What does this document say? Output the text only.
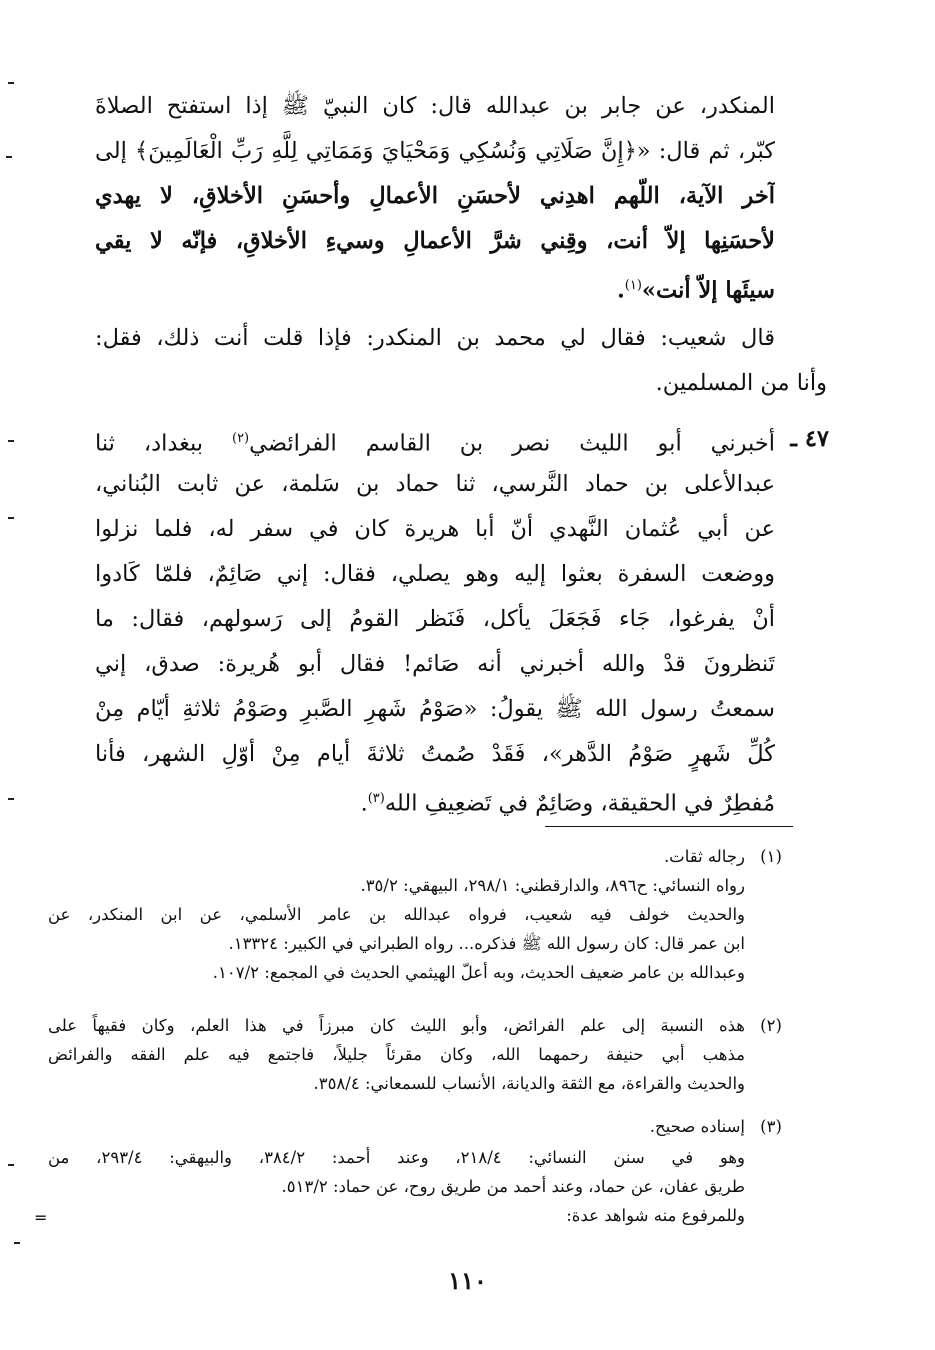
=
المنكدر، عن جابر بن عبدالله قال: كان النبيّ ﷺ إذا استفتح الصلاةَ
كبّر، ثم قال: «﴿إِنَّ صَلَاتِي وَنُسُكِي وَمَحْيَايَ وَمَمَاتِي لِلَّهِ رَبِّ الْعَالَمِينَ﴾ إلى
آخر الآية، اللّهم اهدِني لأحسَنِ الأعمالِ وأحسَنِ الأخلاقِ، لا يهدي
لأحسَنِها إلاّ أنت، وقِني شرَّ الأعمالِ وسيءِ الأخلاقِ، فإنّه لا يقي
سيئَها إلاّ أنت»$^{(١)}$.
قال شعيب: فقال لي محمد بن المنكدر: فإذا قلت أنت ذلك، فقل:
وأنا من المسلمين.
٤٧ ـ
أخبرني أبو الليث نصر بن القاسم الفرائضي$^{(٢)}$ ببغداد، ثنا
عبدالأعلى بن حماد النَّرسي، ثنا حماد بن سَلمة، عن ثابت البُناني،
عن أبي عُثمان النَّهدي أنّ أبا هريرة كان في سفر له، فلما نزلوا
ووضعت السفرة بعثوا إليه وهو يصلي، فقال: إني صَائِمٌ، فلمّا كَادوا
أنْ يفرغوا، جَاء فَجَعَلَ يأكل، فَنَظر القومُ إلى رَسولهم، فقال: ما
تَنظرونَ قدْ والله أخبرني أنه صَائم! فقال أبو هُريرة: صدق، إني
سمعتُ رسول الله ﷺ يقولُ: «صَوْمُ شَهرِ الصَّبرِ وصَوْمُ ثلاثةِ أيّام مِنْ
كُلِّ شَهرٍ صَوْمُ الدَّهر»، فَقَدْ صُمتُ ثلاثةَ أيام مِنْ أوّلِ الشهر، فأنا
مُفطِرٌ في الحقيقة، وصَائِمٌ في تَضعِيفِ الله$^{(٣)}$.
(١)
رجاله ثقات.
رواه النسائي: ح٨٩٦، والدارقطني: ٢٩٨/١، البيهقي: ٣٥/٢.
والحديث خولف فيه شعيب، فرواه عبدالله بن عامر الأسلمي، عن ابن المنكدر، عن
ابن عمر قال: كان رسول الله ﷺ فذكره... رواه الطبراني في الكبير: ١٣٣٢٤.
وعبدالله بن عامر ضعيف الحديث، وبه أعلّ الهيثمي الحديث في المجمع: ١٠٧/٢.
(٢)
هذه النسبة إلى علم الفرائض، وأبو الليث كان مبرزاً في هذا العلم، وكان فقيهاً على
مذهب أبي حنيفة رحمهما الله، وكان مقرئاً جليلاً، فاجتمع فيه علم الفقه والفرائض
والحديث والقراءة، مع الثقة والديانة، الأنساب للسمعاني: ٣٥٨/٤.
(٣)
إسناده صحيح.
وهو في سنن النسائي: ٢١٨/٤، وعند أحمد: ٣٨٤/٢، والبيهقي: ٢٩٣/٤، من
طريق عفان، عن حماد، وعند أحمد من طريق روح، عن حماد: ٥١٣/٢.
وللمرفوع منه شواهد عدة:
١١٠
